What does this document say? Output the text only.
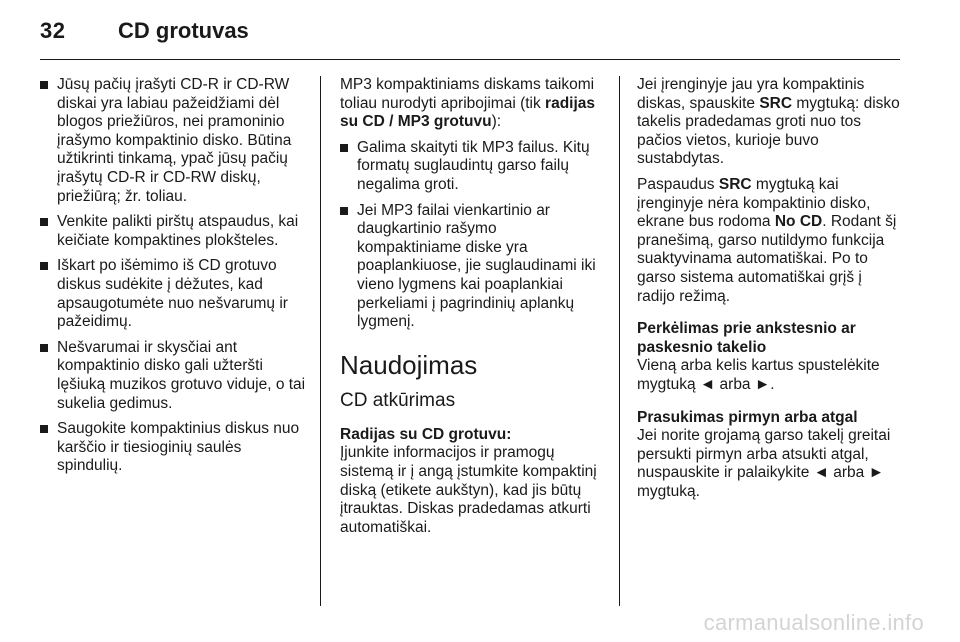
32 CD grotuvas
Jūsų pačių įrašyti CD-R ir CD-RW diskai yra labiau pažeidžiami dėl blogos priežiūros, nei pramoninio įrašymo kompaktinio disko. Būtina užtikrinti tinkamą, ypač jūsų pačių įrašytų CD-R ir CD-RW diskų, priežiūrą; žr. toliau.
Venkite palikti pirštų atspaudus, kai keičiate kompaktines plokšteles.
Iškart po išėmimo iš CD grotuvo diskus sudėkite į dėžutes, kad apsaugotumėte nuo nešvarumų ir pažeidimų.
Nešvarumai ir skysčiai ant kompaktinio disko gali užteršti lęšiuką muzikos grotuvo viduje, o tai sukelia gedimus.
Saugokite kompaktinius diskus nuo karščio ir tiesioginių saulės spindulių.

MP3 kompaktiniams diskams taikomi toliau nurodyti apribojimai (tik radijas su CD / MP3 grotuvu):

Galima skaityti tik MP3 failus. Kitų formatų suglaudintų garso failų negalima groti.
Jei MP3 failai vienkartinio ar daugkartinio rašymo kompaktiniame diske yra poaplankiuose, jie suglaudinami iki vieno lygmens kai poaplankiai perkeliami į pagrindinių aplankų lygmenį.
Naudojimas
CD atkūrimas
Radijas su CD grotuvu:

Įjunkite informacijos ir pramogų sistemą ir į angą įstumkite kompaktinį diską (etikete aukštyn), kad jis būtų įtrauktas. Diskas pradedamas atkurti automatiškai.

Jei įrenginyje jau yra kompaktinis diskas, spauskite SRC mygtuką: disko takelis pradedamas groti nuo tos pačios vietos, kurioje buvo sustabdytas.

Paspaudus SRC mygtuką kai įrenginyje nėra kompaktinio disko, ekrane bus rodoma No CD. Rodant šį pranešimą, garso nutildymo funkcija suaktyvinama automatiškai. Po to garso sistema automatiškai grįš į radijo režimą.

Perkėlimas prie ankstesnio ar paskesnio takelio

Vieną arba kelis kartus spustelėkite mygtuką ◄ arba ►.

Prasukimas pirmyn arba atgal

Jei norite grojamą garso takelį greitai persukti pirmyn arba atsukti atgal, nuspauskite ir palaikykite ◄ arba ► mygtuką.

carmanualsonline.info
